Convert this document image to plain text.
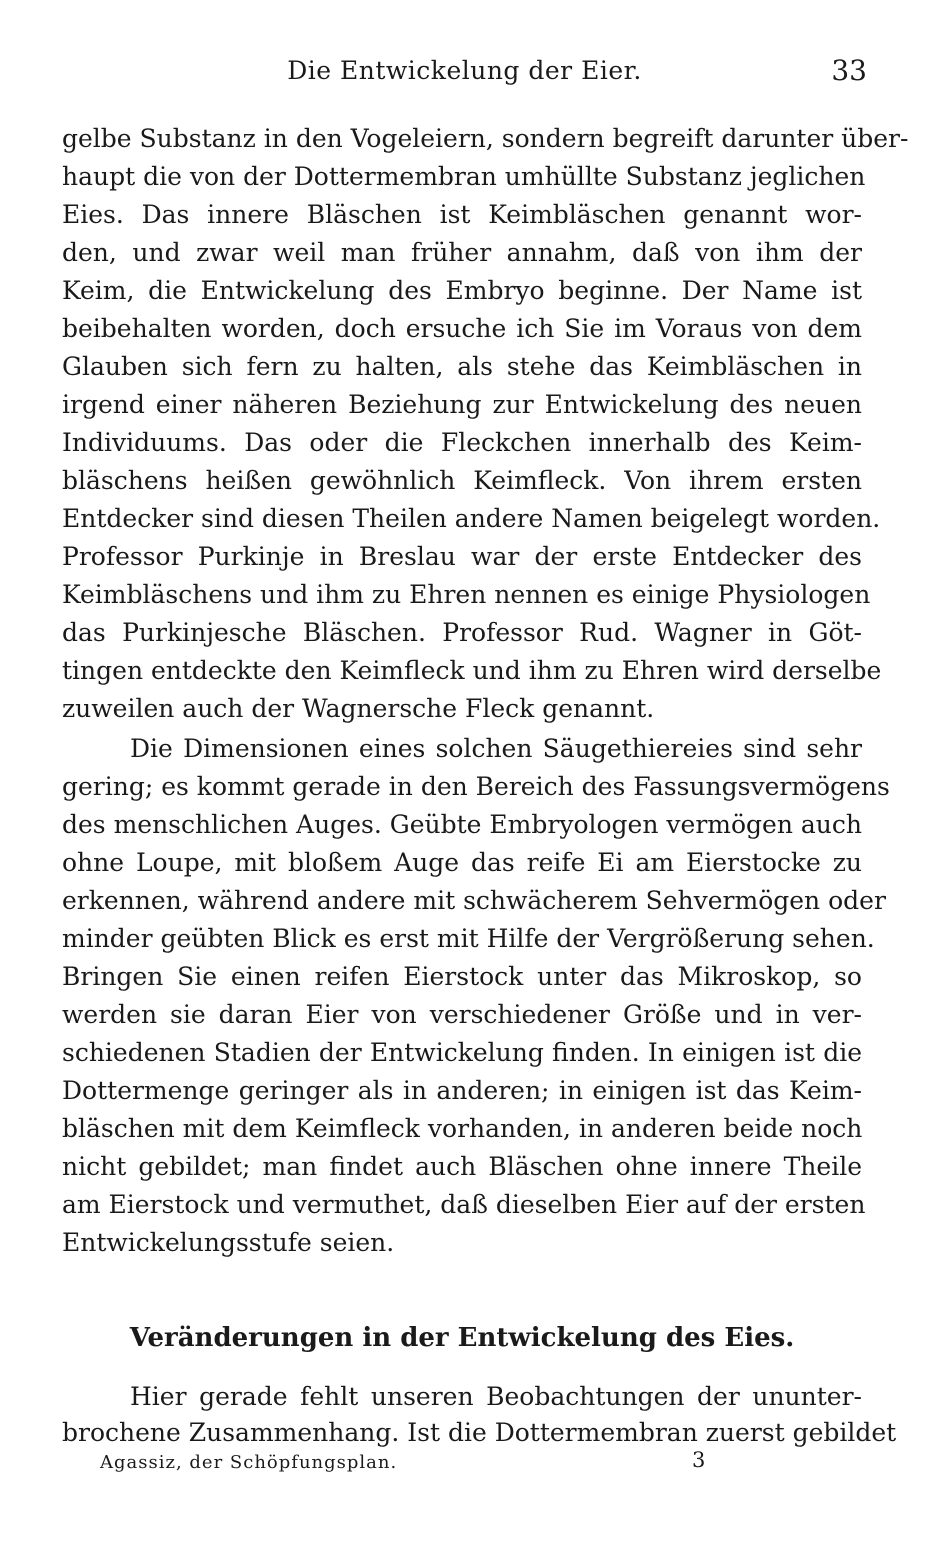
Die Entwickelung der Eier.	33
gelbe Substanz in den Vogeleiern, sondern begreift darunter über-
haupt die von der Dottermembran umhüllte Substanz jeglichen
Eies. Das innere Bläschen ist Keimbläschen genannt wor-
den, und zwar weil man früher annahm, daß von ihm der
Keim, die Entwickelung des Embryo beginne. Der Name ist
beibehalten worden, doch ersuche ich Sie im Voraus von dem
Glauben sich fern zu halten, als stehe das Keimbläschen in
irgend einer näheren Beziehung zur Entwickelung des neuen
Individuums. Das oder die Fleckchen innerhalb des Keim-
bläschens heißen gewöhnlich Keimfleck. Von ihrem ersten
Entdecker sind diesen Theilen andere Namen beigelegt worden.
Professor Purkinje in Breslau war der erste Entdecker des
Keimbläschens und ihm zu Ehren nennen es einige Physiologen
das Purkinjesche Bläschen. Professor Rud. Wagner in Göt-
tingen entdeckte den Keimfleck und ihm zu Ehren wird derselbe
zuweilen auch der Wagnersche Fleck genannt.
Die Dimensionen eines solchen Säugethiereies sind sehr
gering; es kommt gerade in den Bereich des Fassungsvermögens
des menschlichen Auges. Geübte Embryologen vermögen auch
ohne Loupe, mit bloßem Auge das reife Ei am Eierstocke zu
erkennen, während andere mit schwächerem Sehvermögen oder
minder geübten Blick es erst mit Hilfe der Vergrößerung sehen.
Bringen Sie einen reifen Eierstock unter das Mikroskop, so
werden sie daran Eier von verschiedener Größe und in ver-
schiedenen Stadien der Entwickelung finden. In einigen ist die
Dottermenge geringer als in anderen; in einigen ist das Keim-
bläschen mit dem Keimfleck vorhanden, in anderen beide noch
nicht gebildet; man findet auch Bläschen ohne innere Theile
am Eierstock und vermuthet, daß dieselben Eier auf der ersten
Entwickelungsstufe seien.
Veränderungen in der Entwickelung des Eies.
Hier gerade fehlt unseren Beobachtungen der ununter-
brochene Zusammenhang. Ist die Dottermembran zuerst gebildet
Agassiz, der Schöpfungsplan.	3
